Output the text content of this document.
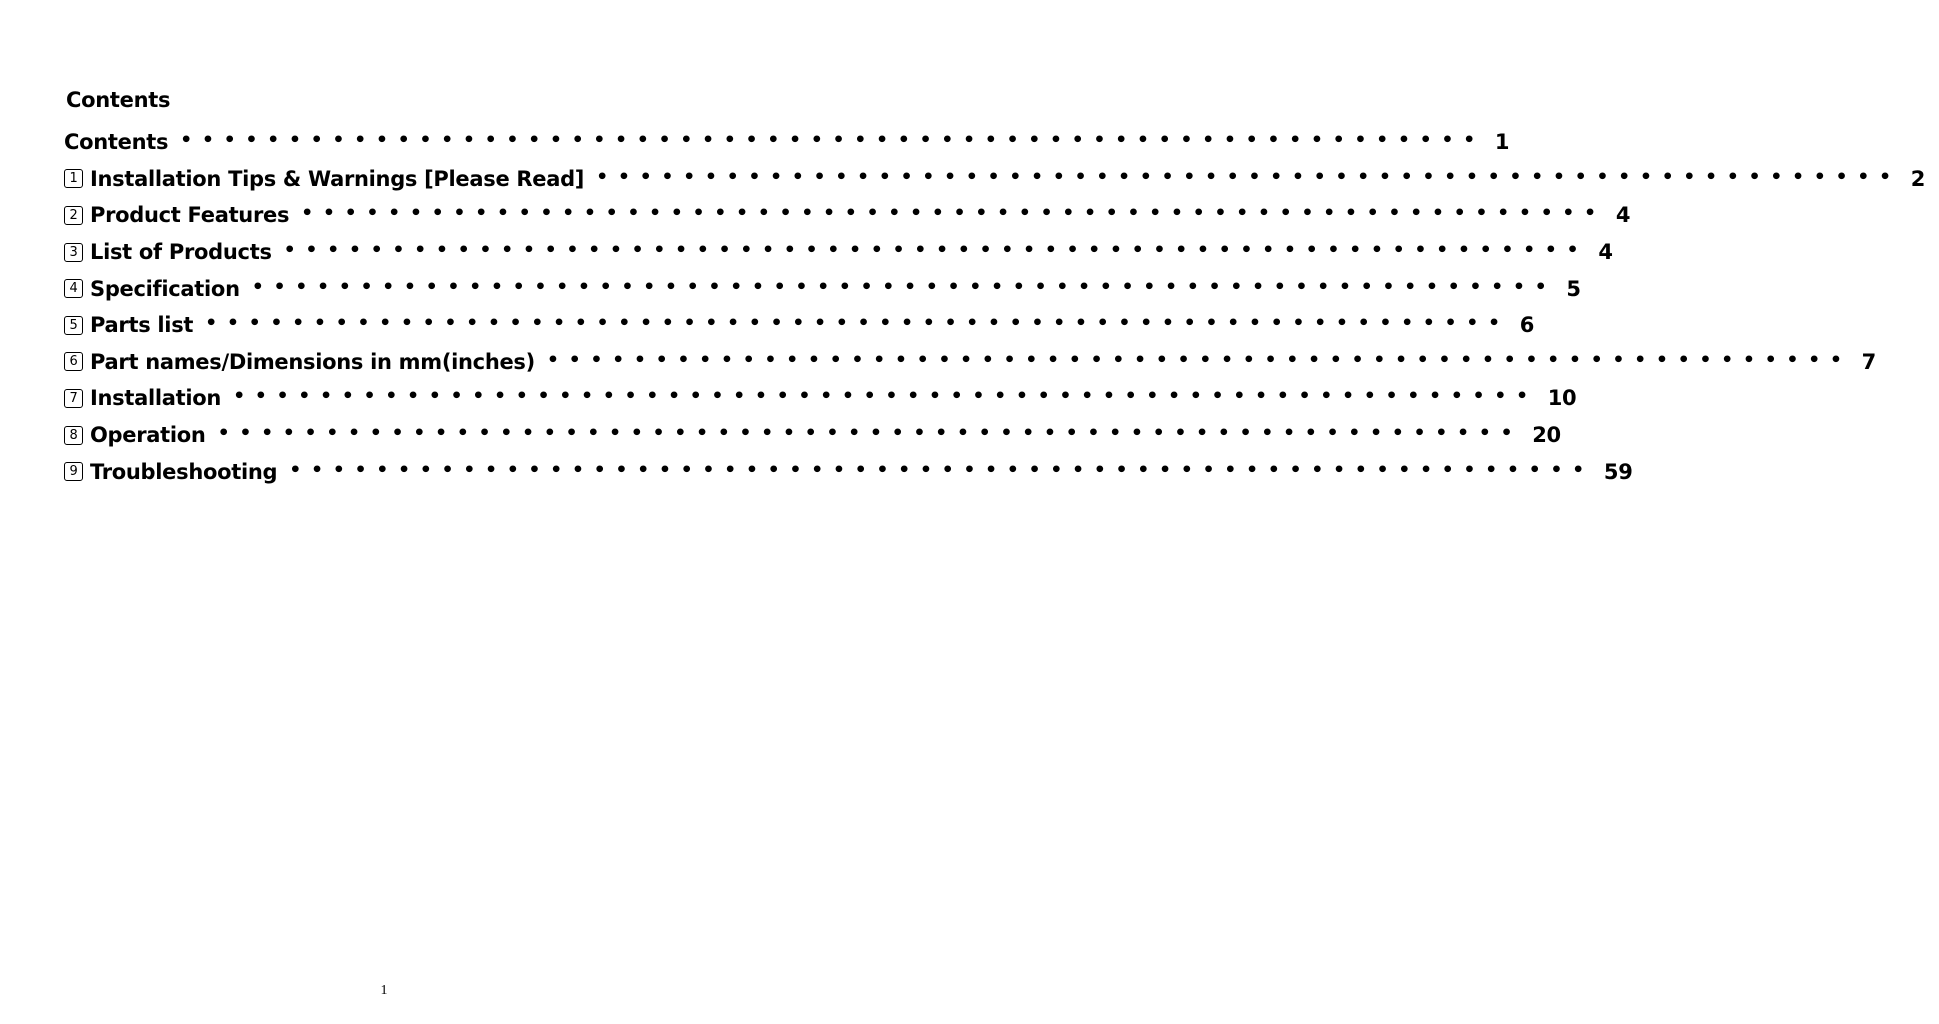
Contents
Contents •••••••••••••••••••••••••••••••••••••••••••••••••••••••••••• 1
1 Installation Tips & Warnings [Please Read] •••••••••••••••••••••••••••••••••••••••••••••••••••••••••••• 2
2 Product Features •••••••••••••••••••••••••••••••••••••••••••••••••••••••••••• 4
3 List of Products •••••••••••••••••••••••••••••••••••••••••••••••••••••••••••• 4
4 Specification •••••••••••••••••••••••••••••••••••••••••••••••••••••••••••• 5
5 Parts list •••••••••••••••••••••••••••••••••••••••••••••••••••••••••••• 6
6 Part names/Dimensions in mm(inches) •••••••••••••••••••••••••••••••••••••••••••••••••••••••••••• 7
7 Installation •••••••••••••••••••••••••••••••••••••••••••••••••••••••••••• 10
8 Operation •••••••••••••••••••••••••••••••••••••••••••••••••••••••••••• 20
9 Troubleshooting •••••••••••••••••••••••••••••••••••••••••••••••••••••••••••• 59
1
